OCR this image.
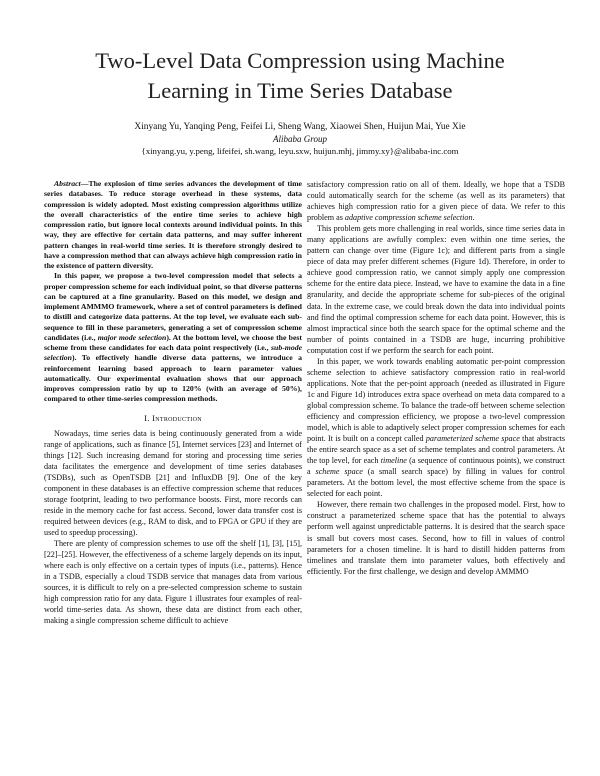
Two-Level Data Compression using Machine
Learning in Time Series Database
Xinyang Yu, Yanqing Peng, Feifei Li, Sheng Wang, Xiaowei Shen, Huijun Mai, Yue Xie
Alibaba Group
{xinyang.yu, y.peng, lifeifei, sh.wang, leyu.sxw, huijun.mhj, jimmy.xy}@alibaba-inc.com

Abstract—The explosion of time series advances the development of time series databases. To reduce storage overhead in these systems, data compression is widely adopted. Most existing compression algorithms utilize the overall characteristics of the entire time series to achieve high compression ratio, but ignore local contexts around individual points. In this way, they are effective for certain data patterns, and may suffer inherent pattern changes in real-world time series. It is therefore strongly desired to have a compression method that can always achieve high compression ratio in the existence of pattern diversity.

In this paper, we propose a two-level compression model that selects a proper compression scheme for each individual point, so that diverse patterns can be captured at a fine granularity. Based on this model, we design and implement AMMMO framework, where a set of control parameters is defined to distill and categorize data patterns. At the top level, we evaluate each sub-sequence to fill in these parameters, generating a set of compression scheme candidates (i.e., major mode selection). At the bottom level, we choose the best scheme from these candidates for each data point respectively (i.e., sub-mode selection). To effectively handle diverse data patterns, we introduce a reinforcement learning based approach to learn parameter values automatically. Our experimental evaluation shows that our approach improves compression ratio by up to 120% (with an average of 50%), compared to other time-series compression methods.

I. Introduction

Nowadays, time series data is being continuously generated from a wide range of applications, such as finance [5], Internet services [23] and Internet of things [12]. Such increasing demand for storing and processing time series data facilitates the emergence and development of time series databases (TSDBs), such as OpenTSDB [21] and InfluxDB [9]. One of the key component in these databases is an effective compression scheme that reduces storage footprint, leading to two performance boosts. First, more records can reside in the memory cache for fast access. Second, lower data transfer cost is required between devices (e.g., RAM to disk, and to FPGA or GPU if they are used to speedup processing).

There are plenty of compression schemes to use off the shelf [1], [3], [15], [22]–[25]. However, the effectiveness of a scheme largely depends on its input, where each is only effective on a certain types of inputs (i.e., patterns). Hence in a TSDB, especially a cloud TSDB service that manages data from various sources, it is difficult to rely on a pre-selected compression scheme to sustain high compression ratio for any data. Figure 1 illustrates four examples of real-world time-series data. As shown, these data are distinct from each other, making a single compression scheme difficult to achieve

satisfactory compression ratio on all of them. Ideally, we hope that a TSDB could automatically search for the scheme (as well as its parameters) that achieves high compression ratio for a given piece of data. We refer to this problem as adaptive compression scheme selection.

This problem gets more challenging in real worlds, since time series data in many applications are awfully complex: even within one time series, the pattern can change over time (Figure 1c); and different parts from a single piece of data may prefer different schemes (Figure 1d). Therefore, in order to achieve good compression ratio, we cannot simply apply one compression scheme for the entire data piece. Instead, we have to examine the data in a fine granularity, and decide the appropriate scheme for sub-pieces of the original data. In the extreme case, we could break down the data into individual points and find the optimal compression scheme for each data point. However, this is almost impractical since both the search space for the optimal scheme and the number of points contained in a TSDB are huge, incurring prohibitive computation cost if we perform the search for each point.

In this paper, we work towards enabling automatic per-point compression scheme selection to achieve satisfactory compression ratio in real-world applications. Note that the per-point approach (needed as illustrated in Figure 1c and Figure 1d) introduces extra space overhead on meta data compared to a global compression scheme. To balance the trade-off between scheme selection efficiency and compression efficiency, we propose a two-level compression model, which is able to adaptively select proper compression schemes for each point. It is built on a concept called parameterized scheme space that abstracts the entire search space as a set of scheme templates and control parameters. At the top level, for each timeline (a sequence of continuous points), we construct a scheme space (a small search space) by filling in values for control parameters. At the bottom level, the most effective scheme from the space is selected for each point.

However, there remain two challenges in the proposed model. First, how to construct a parameterized scheme space that has the potential to always perform well against unpredictable patterns. It is desired that the search space is small but covers most cases. Second, how to fill in values of control parameters for a chosen timeline. It is hard to distill hidden patterns from timelines and translate them into parameter values, both effectively and efficiently. For the first challenge, we design and develop AMMMO
